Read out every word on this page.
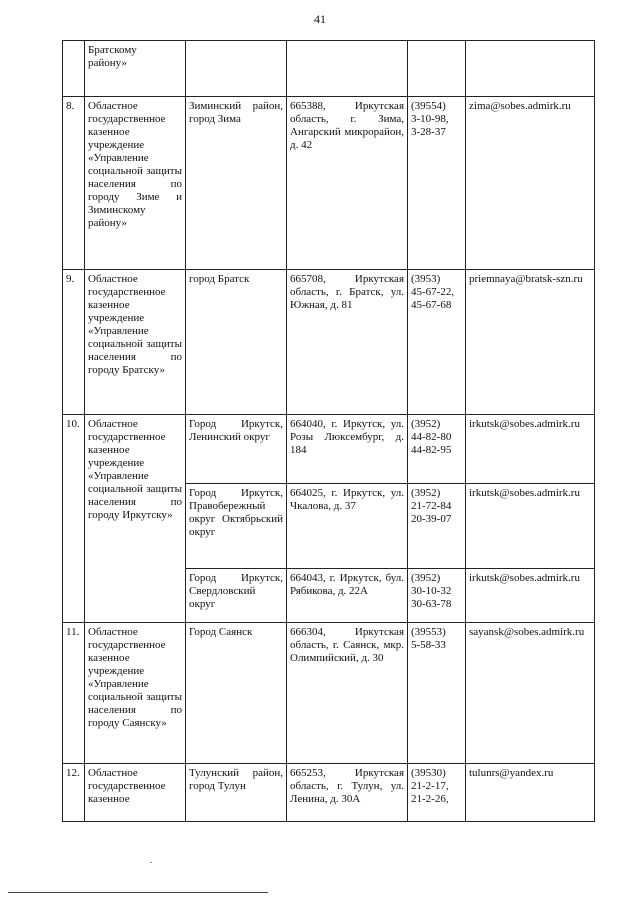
41
	Братскому
району»				
8.	Областное государственное казенное учреждение «Управление социальной защиты населения по городу Зиме и Зиминскому району»	Зиминский район, город Зима	665388, Иркутская область, г. Зима, Ангарский микрорайон, д. 42	(39554)
3-10-98,
3-28-37	zima@sobes.admirk.ru
9.	Областное государственное казенное учреждение «Управление социальной защиты населения по городу Братску»	город Братск	665708, Иркутская область, г. Братск, ул. Южная, д. 81	(3953)
45-67-22,
45-67-68	priemnaya@bratsk-szn.ru
10.	Областное государственное казенное учреждение «Управление социальной защиты населения по городу Иркутску»	Город Иркутск, Ленинский округ	664040, г. Иркутск, ул. Розы Люксембург, д. 184	(3952)
44-82-80
44-82-95	irkutsk@sobes.admirk.ru
		Город Иркутск, Правобережный округ Октябрьский округ	664025, г. Иркутск, ул. Чкалова, д. 37	(3952)
21-72-84
20-39-07	irkutsk@sobes.admirk.ru
		Город Иркутск, Свердловский округ	664043, г. Иркутск, бул. Рябикова, д. 22А	(3952)
30-10-32
30-63-78	irkutsk@sobes.admirk.ru
11.	Областное государственное казенное учреждение «Управление социальной защиты населения по городу Саянску»	Город Саянск	666304, Иркутская область, г. Саянск, мкр. Олимпийский, д. 30	(39553)
5-58-33	sayansk@sobes.admirk.ru
12.	Областное государственное казенное	Тулунский район, город Тулун	665253, Иркутская область, г. Тулун, ул. Ленина, д. 30А	(39530)
21-2-17,
21-2-26,	tulunrs@yandex.ru
